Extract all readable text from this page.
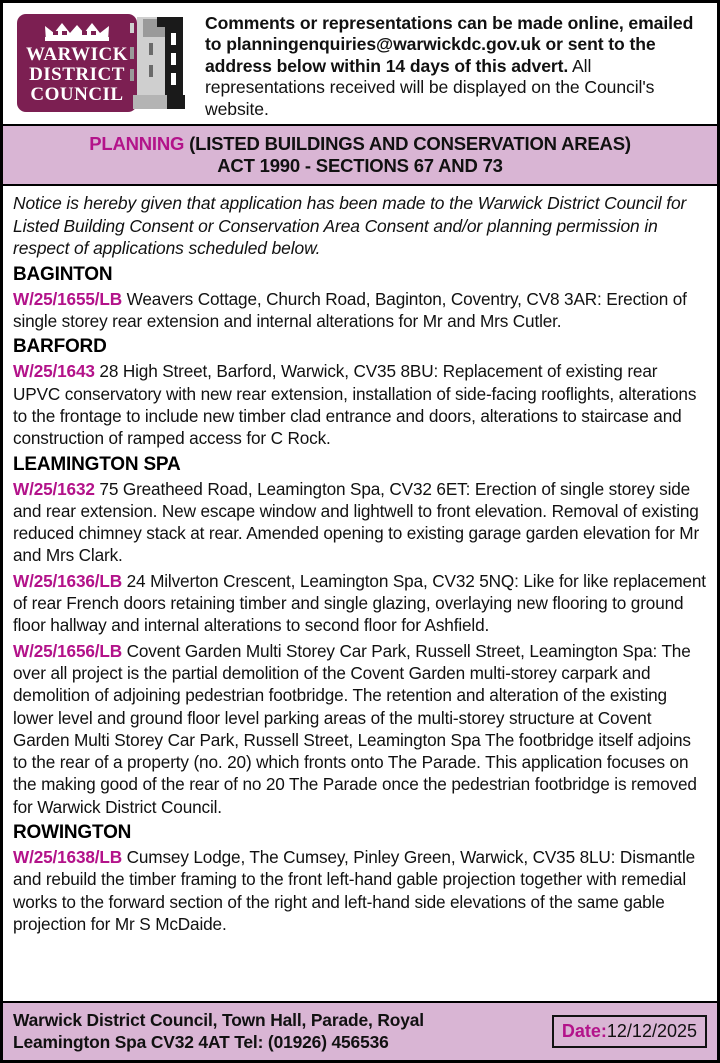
WARWICK
DISTRICT
COUNCIL
Comments or representations can be made online, emailed to planningenquiries@warwickdc.gov.uk or sent to the address below within 14 days of this advert. All representations received will be displayed on the Council's website.
PLANNING (LISTED BUILDINGS AND CONSERVATION AREAS)
ACT 1990 - SECTIONS 67 AND 73
Notice is hereby given that application has been made to the Warwick District Council for Listed Building Consent or Conservation Area Consent and/or planning permission in respect of applications scheduled below.
BAGINTON
W/25/1655/LB Weavers Cottage, Church Road, Baginton, Coventry, CV8 3AR: Erection of single storey rear extension and internal alterations for Mr and Mrs Cutler.
BARFORD
W/25/1643 28 High Street, Barford, Warwick, CV35 8BU: Replacement of existing rear UPVC conservatory with new rear extension, installation of side-facing rooflights, alterations to the frontage to include new timber clad entrance and doors, alterations to staircase and construction of ramped access for C Rock.
LEAMINGTON SPA
W/25/1632 75 Greatheed Road, Leamington Spa, CV32 6ET: Erection of single storey side and rear extension. New escape window and lightwell to front elevation. Removal of existing reduced chimney stack at rear. Amended opening to existing garage garden elevation for Mr and Mrs Clark.
W/25/1636/LB 24 Milverton Crescent, Leamington Spa, CV32 5NQ: Like for like replacement of rear French doors retaining timber and single glazing, overlaying new flooring to ground floor hallway and internal alterations to second floor for Ashfield.
W/25/1656/LB Covent Garden Multi Storey Car Park, Russell Street, Leamington Spa: The over all project is the partial demolition of the Covent Garden multi-storey carpark and demolition of adjoining pedestrian footbridge. The retention and alteration of the existing lower level and ground floor level parking areas of the multi-storey structure at Covent Garden Multi Storey Car Park, Russell Street, Leamington Spa The footbridge itself adjoins to the rear of a property (no. 20) which fronts onto The Parade. This application focuses on the making good of the rear of no 20 The Parade once the pedestrian footbridge is removed for Warwick District Council.
ROWINGTON
W/25/1638/LB Cumsey Lodge, The Cumsey, Pinley Green, Warwick, CV35 8LU: Dismantle and rebuild the timber framing to the front left-hand gable projection together with remedial works to the forward section of the right and left-hand side elevations of the same gable projection for Mr S McDaide.
Warwick District Council, Town Hall, Parade, Royal Leamington Spa CV32 4AT Tel: (01926) 456536
Date:12/12/2025
